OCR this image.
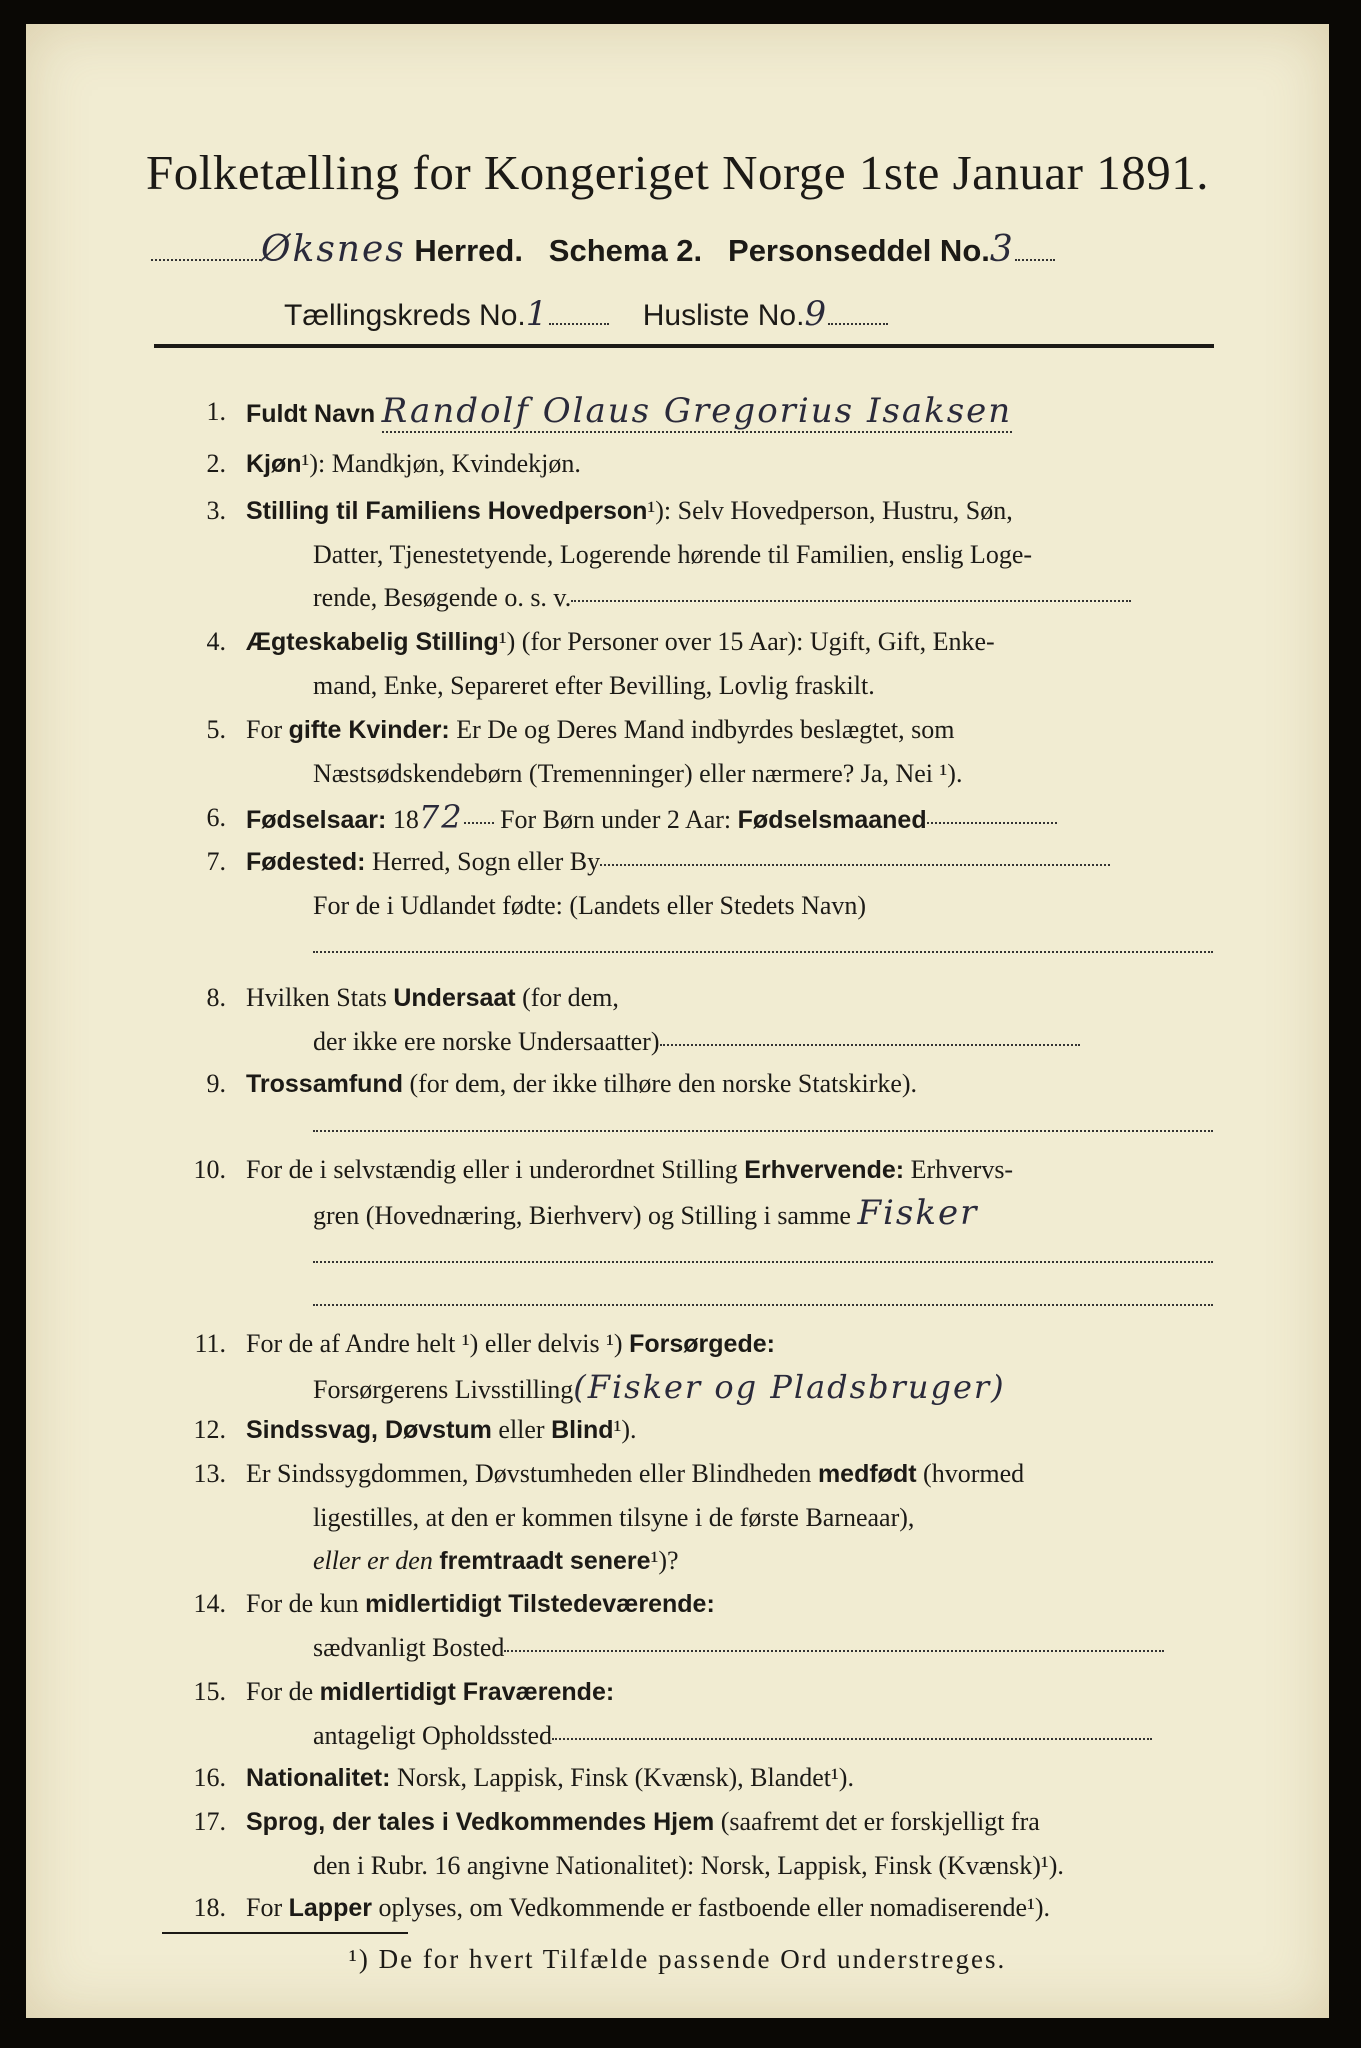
Folketælling for Kongeriget Norge 1ste Januar 1891.
Øksnes Herred. Schema 2. Personseddel No.3
Tællingskreds No.1	Husliste No.9
1. Fuldt Navn Randolf Olaus Gregorius Isaksen
2. Kjøn¹): Mandkjøn, Kvindekjøn.
3. Stilling til Familiens Hovedperson¹): Selv Hovedperson, Hustru, Søn,
Datter, Tjenestetyende, Logerende hørende til Familien, enslig Loge-
rende, Besøgende o. s. v.
4. Ægteskabelig Stilling¹) (for Personer over 15 Aar): Ugift, Gift, Enke-
mand, Enke, Separeret efter Bevilling, Lovlig fraskilt.
5. For gifte Kvinder: Er De og Deres Mand indbyrdes beslægtet, som
Næstsødskendebørn (Tremenninger) eller nærmere? Ja, Nei ¹).
6. Fødselsaar: 1872 For Børn under 2 Aar: Fødselsmaaned
7. Fødested: Herred, Sogn eller By
For de i Udlandet fødte: (Landets eller Stedets Navn)
8. Hvilken Stats Undersaat (for dem,
der ikke ere norske Undersaatter)
9. Trossamfund (for dem, der ikke tilhøre den norske Statskirke).
10. For de i selvstændig eller i underordnet Stilling Erhvervende: Erhvervs-
gren (Hovednæring, Bierhverv) og Stilling i samme Fisker
11. For de af Andre helt ¹) eller delvis ¹) Forsørgede:
Forsørgerens Livsstilling(Fisker og Pladsbruger)
12. Sindssvag, Døvstum eller Blind¹).
13. Er Sindssygdommen, Døvstumheden eller Blindheden medfødt (hvormed
ligestilles, at den er kommen tilsyne i de første Barneaar),
eller er den fremtraadt senere¹)?
14. For de kun midlertidigt Tilstedeværende:
sædvanligt Bosted
15. For de midlertidigt Fraværende:
antageligt Opholdssted
16. Nationalitet: Norsk, Lappisk, Finsk (Kvænsk), Blandet¹).
17. Sprog, der tales i Vedkommendes Hjem (saafremt det er forskjelligt fra
den i Rubr. 16 angivne Nationalitet): Norsk, Lappisk, Finsk (Kvænsk)¹).
18. For Lapper oplyses, om Vedkommende er fastboende eller nomadiserende¹).
¹) De for hvert Tilfælde passende Ord understreges.
